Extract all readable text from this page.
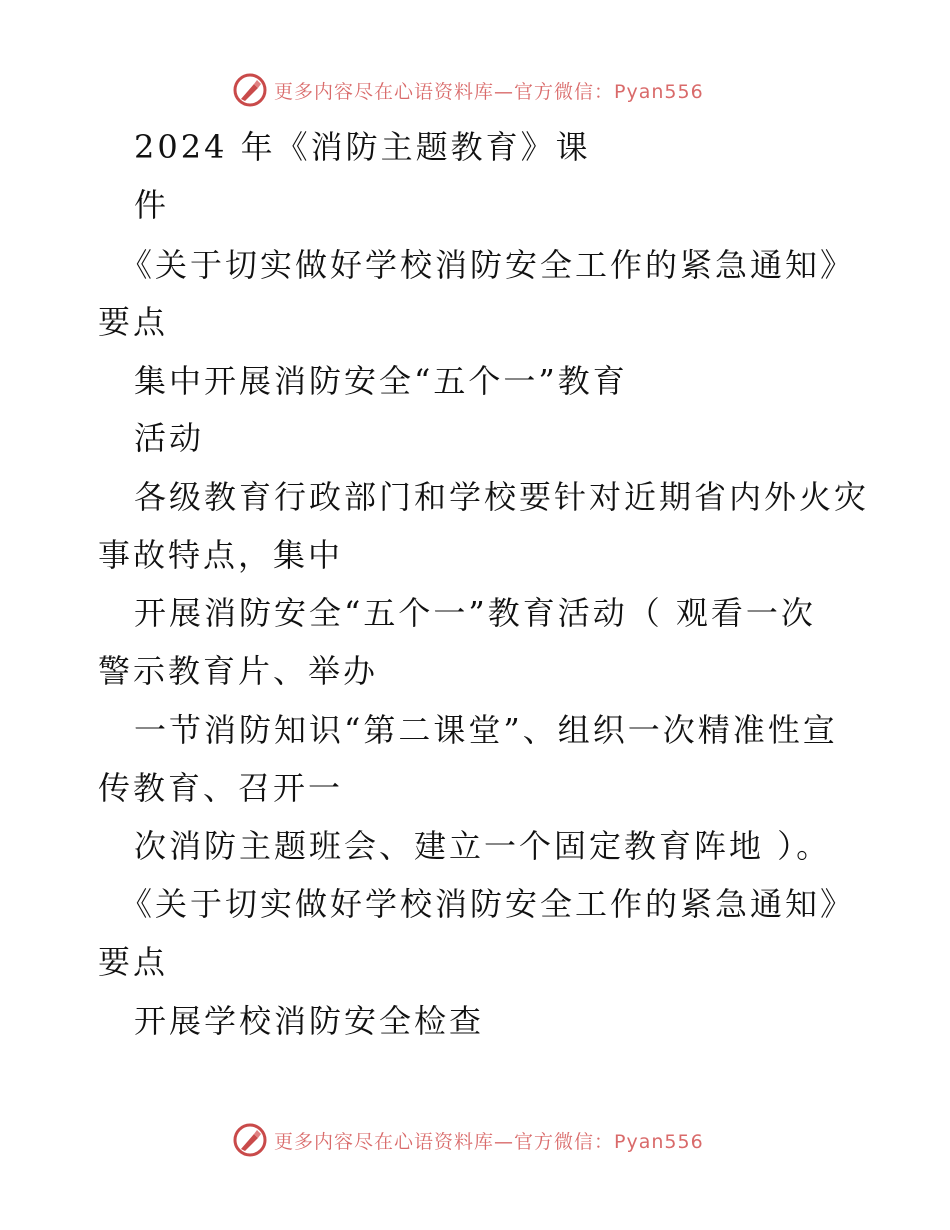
更多内容尽在心语资料库—官方微信：Pyan556
2024 年《消防主题教育》课
件
《关于切实做好学校消防安全工作的紧急通知》
要点
集中开展消防安全“五个一”教育
活动
各级教育行政部门和学校要针对近期省内外火灾
事故特点，集中
开展消防安全“五个一”教育活动（ 观看一次
警示教育片、举办
一节消防知识“第二课堂”、组织一次精准性宣
传教育、召开一
次消防主题班会、建立一个固定教育阵地 ）。
《关于切实做好学校消防安全工作的紧急通知》
要点
开展学校消防安全检查
更多内容尽在心语资料库—官方微信：Pyan556
